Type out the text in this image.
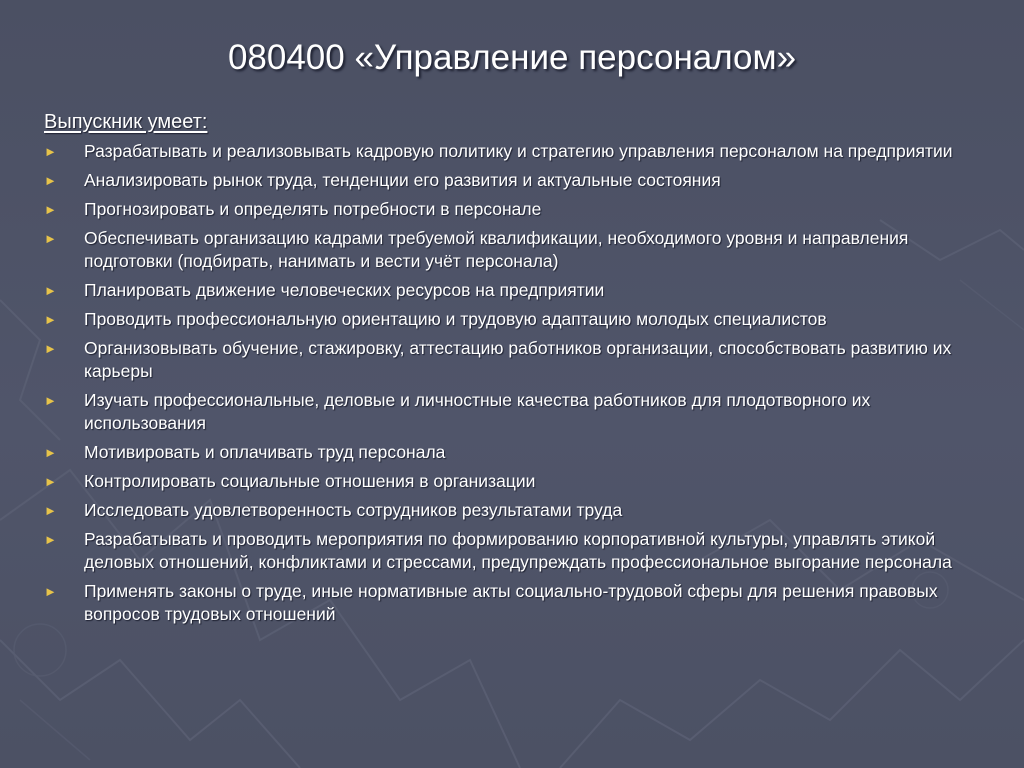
080400 «Управление персоналом»
Выпускник умеет:
► Разрабатывать и реализовывать кадровую политику и стратегию управления персоналом на предприятии
► Анализировать рынок труда, тенденции его развития и актуальные состояния
► Прогнозировать и определять потребности в персонале
► Обеспечивать организацию кадрами требуемой квалификации, необходимого уровня и направления подготовки (подбирать, нанимать и вести учёт персонала)
► Планировать движение человеческих ресурсов на предприятии
► Проводить профессиональную ориентацию и трудовую адаптацию молодых специалистов
► Организовывать обучение, стажировку, аттестацию работников организации, способствовать развитию их карьеры
► Изучать профессиональные, деловые и личностные качества работников для плодотворного их использования
► Мотивировать и оплачивать труд персонала
► Контролировать социальные отношения в организации
► Исследовать удовлетворенность сотрудников результатами труда
► Разрабатывать и проводить мероприятия по формированию корпоративной культуры, управлять этикой деловых отношений, конфликтами и стрессами, предупреждать профессиональное выгорание персонала
► Применять законы о труде, иные нормативные акты социально-трудовой сферы для решения правовых вопросов трудовых отношений
